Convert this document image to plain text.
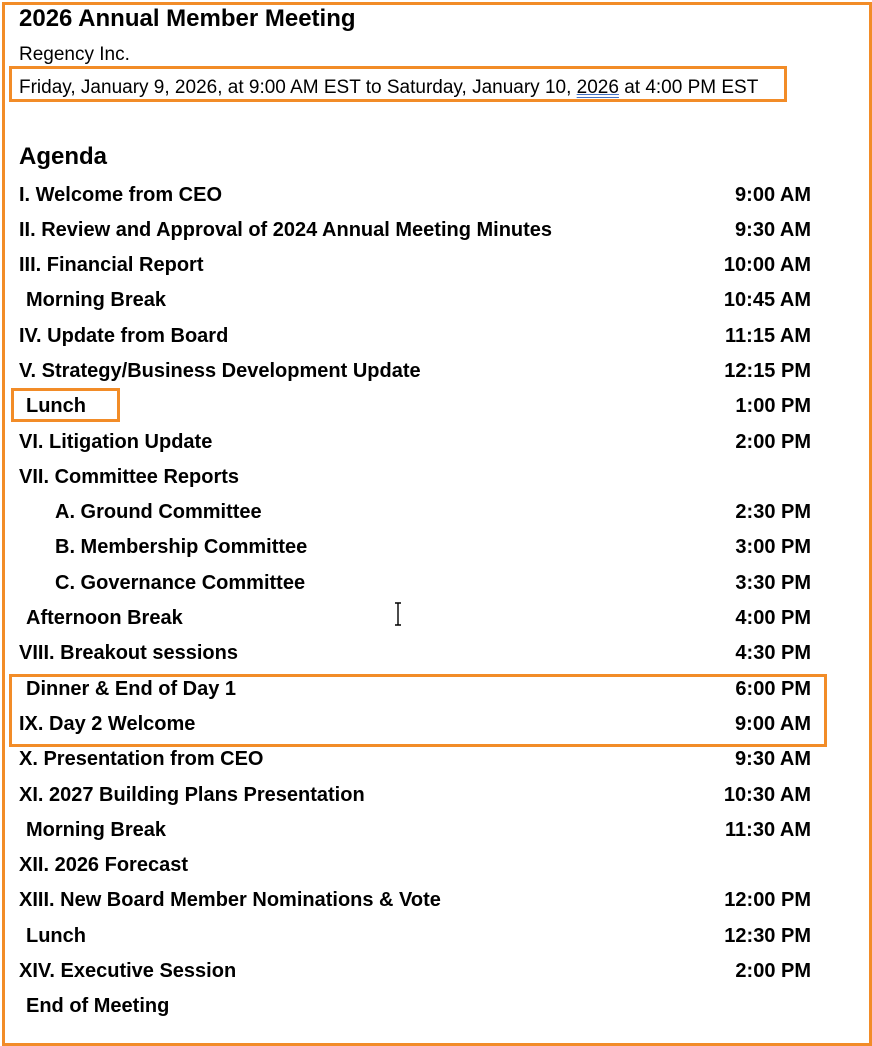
2026 Annual Member Meeting
Regency Inc.
Friday, January 9, 2026, at 9:00 AM EST to Saturday, January 10, 2026 at 4:00 PM EST
Agenda
I. Welcome from CEO	9:00 AM
II. Review and Approval of 2024 Annual Meeting Minutes	9:30 AM
III. Financial Report	10:00 AM
Morning Break	10:45 AM
IV. Update from Board	11:15 AM
V. Strategy/Business Development Update	12:15 PM
Lunch	1:00 PM
VI. Litigation Update	2:00 PM
VII. Committee Reports
A. Ground Committee	2:30 PM
B. Membership Committee	3:00 PM
C. Governance Committee	3:30 PM
Afternoon Break	4:00 PM
VIII. Breakout sessions	4:30 PM
Dinner & End of Day 1	6:00 PM
IX. Day 2 Welcome	9:00 AM
X. Presentation from CEO	9:30 AM
XI. 2027 Building Plans Presentation	10:30 AM
Morning Break	11:30 AM
XII. 2026 Forecast
XIII. New Board Member Nominations & Vote	12:00 PM
Lunch	12:30 PM
XIV. Executive Session	2:00 PM
End of Meeting
